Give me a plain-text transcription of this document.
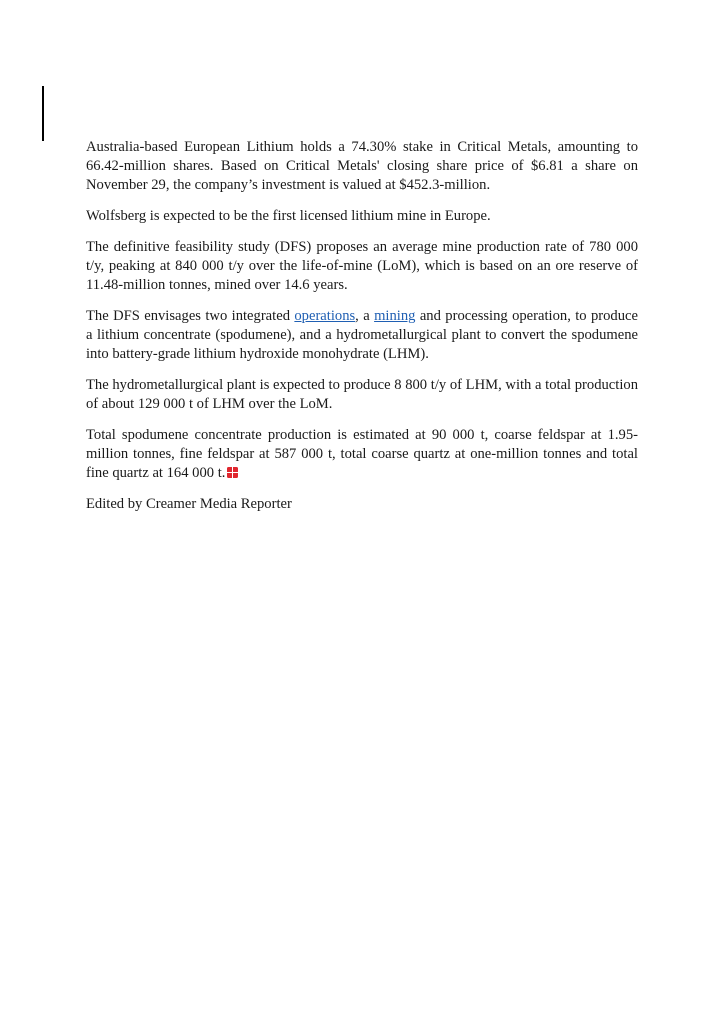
Australia-based European Lithium holds a 74.30% stake in Critical Metals, amounting to 66.42-million shares. Based on Critical Metals' closing share price of $6.81 a share on November 29, the company’s investment is valued at $452.3-million.

Wolfsberg is expected to be the first licensed lithium mine in Europe.

The definitive feasibility study (DFS) proposes an average mine production rate of 780 000 t/y, peaking at 840 000 t/y over the life-of-mine (LoM), which is based on an ore reserve of 11.48-million tonnes, mined over 14.6 years.

The DFS envisages two integrated operations, a mining and processing operation, to produce a lithium concentrate (spodumene), and a hydrometallurgical plant to convert the spodumene into battery-grade lithium hydroxide monohydrate (LHM).

The hydrometallurgical plant is expected to produce 8 800 t/y of LHM, with a total production of about 129 000 t of LHM over the LoM.

Total spodumene concentrate production is estimated at 90 000 t, coarse feldspar at 1.95-million tonnes, fine feldspar at 587 000 t, total coarse quartz at one-million tonnes and total fine quartz at 164 000 t.

Edited by Creamer Media Reporter
